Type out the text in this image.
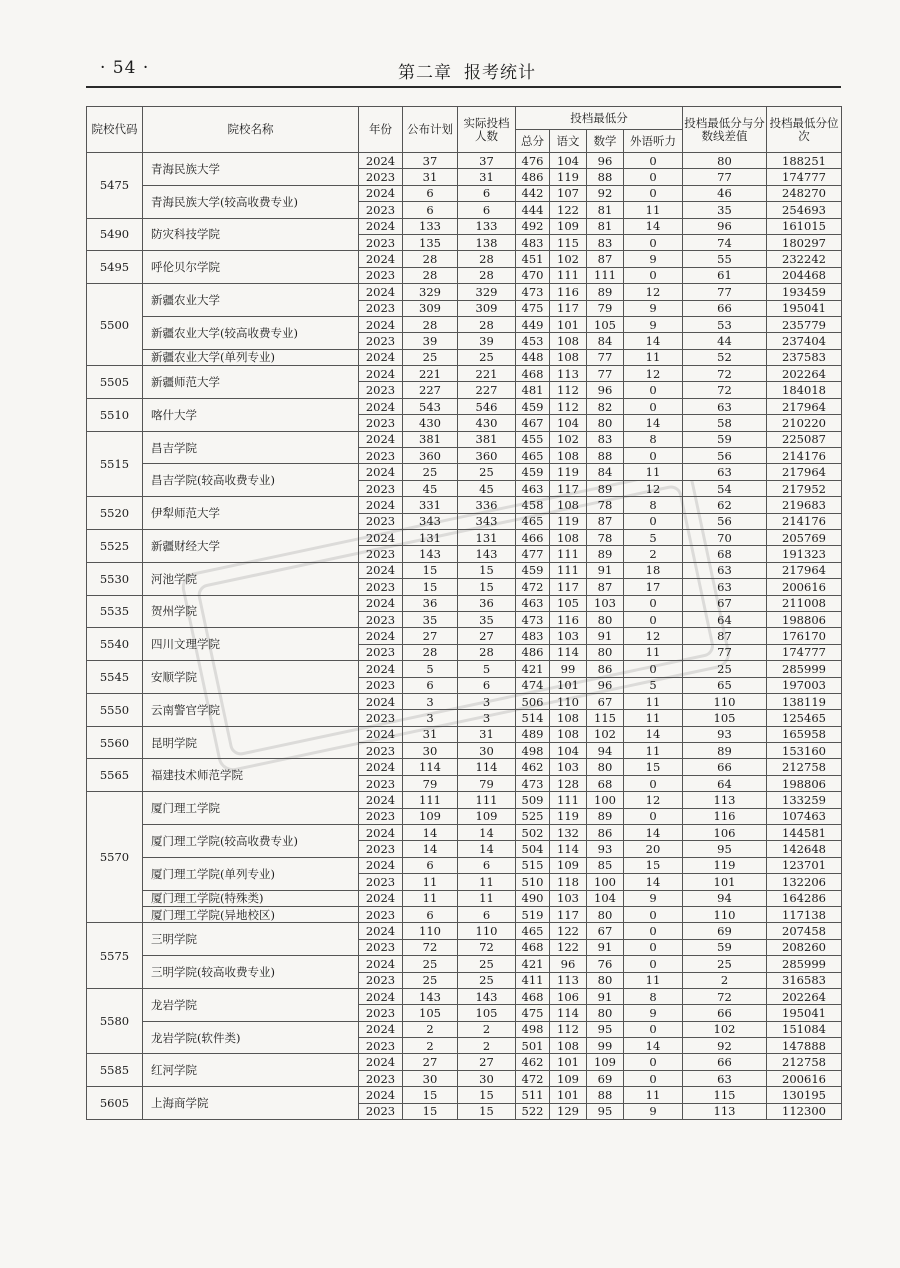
· 54 ·	第二章 报考统计
院校代码	院校名称	年份	公布计划	实际投档人数	投档最低分				投档最低分与分数线差值	投档最低分位次
					总分	语文	数学	外语听力		
5475	青海民族大学	2024	37	37	476	104	96	0	80	188251
		2023	31	31	486	119	88	0	77	174777
	青海民族大学(较高收费专业)	2024	6	6	442	107	92	0	46	248270
		2023	6	6	444	122	81	11	35	254693
5490	防灾科技学院	2024	133	133	492	109	81	14	96	161015
		2023	135	138	483	115	83	0	74	180297
5495	呼伦贝尔学院	2024	28	28	451	102	87	9	55	232242
		2023	28	28	470	111	111	0	61	204468
5500	新疆农业大学	2024	329	329	473	116	89	12	77	193459
		2023	309	309	475	117	79	9	66	195041
	新疆农业大学(较高收费专业)	2024	28	28	449	101	105	9	53	235779
		2023	39	39	453	108	84	14	44	237404
	新疆农业大学(单列专业)	2024	25	25	448	108	77	11	52	237583
5505	新疆师范大学	2024	221	221	468	113	77	12	72	202264
		2023	227	227	481	112	96	0	72	184018
5510	喀什大学	2024	543	546	459	112	82	0	63	217964
		2023	430	430	467	104	80	14	58	210220
5515	昌吉学院	2024	381	381	455	102	83	8	59	225087
		2023	360	360	465	108	88	0	56	214176
	昌吉学院(较高收费专业)	2024	25	25	459	119	84	11	63	217964
		2023	45	45	463	117	89	12	54	217952
5520	伊犁师范大学	2024	331	336	458	108	78	8	62	219683
		2023	343	343	465	119	87	0	56	214176
5525	新疆财经大学	2024	131	131	466	108	78	5	70	205769
		2023	143	143	477	111	89	2	68	191323
5530	河池学院	2024	15	15	459	111	91	18	63	217964
		2023	15	15	472	117	87	17	63	200616
5535	贺州学院	2024	36	36	463	105	103	0	67	211008
		2023	35	35	473	116	80	0	64	198806
5540	四川文理学院	2024	27	27	483	103	91	12	87	176170
		2023	28	28	486	114	80	11	77	174777
5545	安顺学院	2024	5	5	421	99	86	0	25	285999
		2023	6	6	474	101	96	5	65	197003
5550	云南警官学院	2024	3	3	506	110	67	11	110	138119
		2023	3	3	514	108	115	11	105	125465
5560	昆明学院	2024	31	31	489	108	102	14	93	165958
		2023	30	30	498	104	94	11	89	153160
5565	福建技术师范学院	2024	114	114	462	103	80	15	66	212758
		2023	79	79	473	128	68	0	64	198806
5570	厦门理工学院	2024	111	111	509	111	100	12	113	133259
		2023	109	109	525	119	89	0	116	107463
	厦门理工学院(较高收费专业)	2024	14	14	502	132	86	14	106	144581
		2023	14	14	504	114	93	20	95	142648
	厦门理工学院(单列专业)	2024	6	6	515	109	85	15	119	123701
		2023	11	11	510	118	100	14	101	132206
	厦门理工学院(特殊类)	2024	11	11	490	103	104	9	94	164286
	厦门理工学院(异地校区)	2023	6	6	519	117	80	0	110	117138
5575	三明学院	2024	110	110	465	122	67	0	69	207458
		2023	72	72	468	122	91	0	59	208260
	三明学院(较高收费专业)	2024	25	25	421	96	76	0	25	285999
		2023	25	25	411	113	80	11	2	316583
5580	龙岩学院	2024	143	143	468	106	91	8	72	202264
		2023	105	105	475	114	80	9	66	195041
	龙岩学院(软件类)	2024	2	2	498	112	95	0	102	151084
		2023	2	2	501	108	99	14	92	147888
5585	红河学院	2024	27	27	462	101	109	0	66	212758
		2023	30	30	472	109	69	0	63	200616
5605	上海商学院	2024	15	15	511	101	88	11	115	130195
		2023	15	15	522	129	95	9	113	112300
